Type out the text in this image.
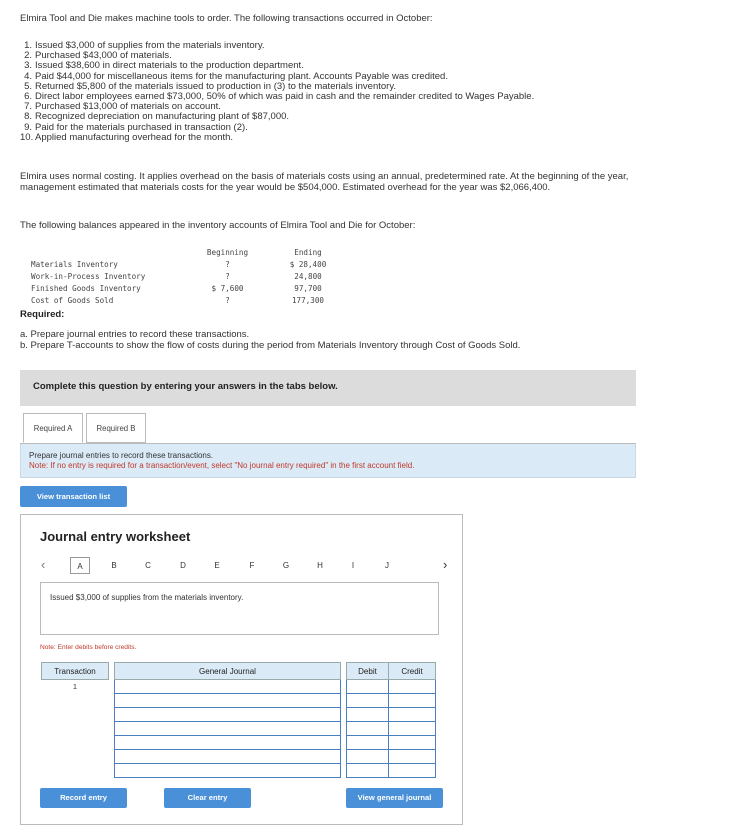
Elmira Tool and Die makes machine tools to order. The following transactions occurred in October:
1. Issued $3,000 of supplies from the materials inventory.
2. Purchased $43,000 of materials.
3. Issued $38,600 in direct materials to the production department.
4. Paid $44,000 for miscellaneous items for the manufacturing plant. Accounts Payable was credited.
5. Returned $5,800 of the materials issued to production in (3) to the materials inventory.
6. Direct labor employees earned $73,000, 50% of which was paid in cash and the remainder credited to Wages Payable.
7. Purchased $13,000 of materials on account.
8. Recognized depreciation on manufacturing plant of $87,000.
9. Paid for the materials purchased in transaction (2).
10. Applied manufacturing overhead for the month.
Elmira uses normal costing. It applies overhead on the basis of materials costs using an annual, predetermined rate. At the beginning of the year, management estimated that materials costs for the year would be $504,000. Estimated overhead for the year was $2,066,400.
The following balances appeared in the inventory accounts of Elmira Tool and Die for October:
	Beginning	Ending
Materials Inventory	?	$ 28,400
Work-in-Process Inventory	?	24,800
Finished Goods Inventory	$ 7,600	97,700
Cost of Goods Sold	?	177,300
Required:
a. Prepare journal entries to record these transactions.
b. Prepare T-accounts to show the flow of costs during the period from Materials Inventory through Cost of Goods Sold.
Complete this question by entering your answers in the tabs below.
Required A	Required B
Prepare journal entries to record these transactions.
Note: If no entry is required for a transaction/event, select "No journal entry required" in the first account field.
View transaction list
Journal entry worksheet
‹	A	B	C	D	E	F	G	H	I	J	›
Issued $3,000 of supplies from the materials inventory.
Note: Enter debits before credits.
Transaction		General Journal		Debit	Credit
1					

Record entry	Clear entry	View general journal
